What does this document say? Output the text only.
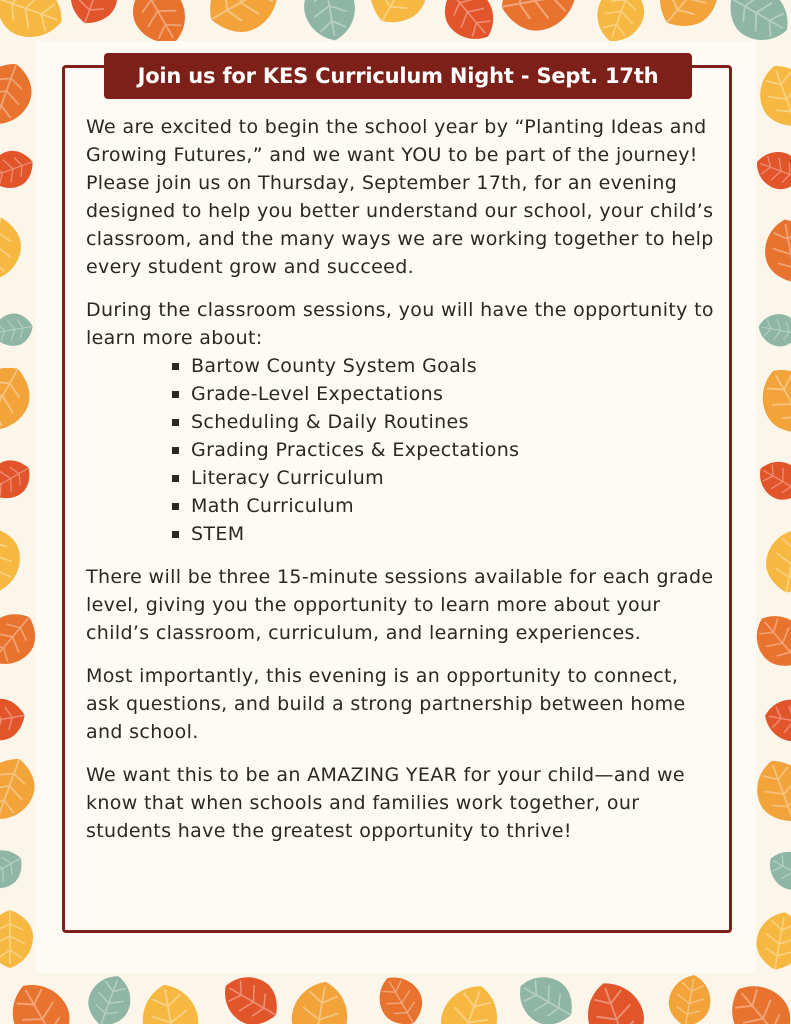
Join us for KES Curriculum Night - Sept. 17th

We are excited to begin the school year by “Planting Ideas and Growing Futures,” and we want YOU to be part of the journey! Please join us on Thursday, September 17th, for an evening designed to help you better understand our school, your child’s classroom, and the many ways we are working together to help every student grow and succeed.

During the classroom sessions, you will have the opportunity to learn more about:

Bartow County System Goals
Grade-Level Expectations
Scheduling & Daily Routines
Grading Practices & Expectations
Literacy Curriculum
Math Curriculum
STEM

There will be three 15-minute sessions available for each grade level, giving you the opportunity to learn more about your child’s classroom, curriculum, and learning experiences.

Most importantly, this evening is an opportunity to connect, ask questions, and build a strong partnership between home and school.

We want this to be an AMAZING YEAR for your child—and we know that when schools and families work together, our students have the greatest opportunity to thrive!
